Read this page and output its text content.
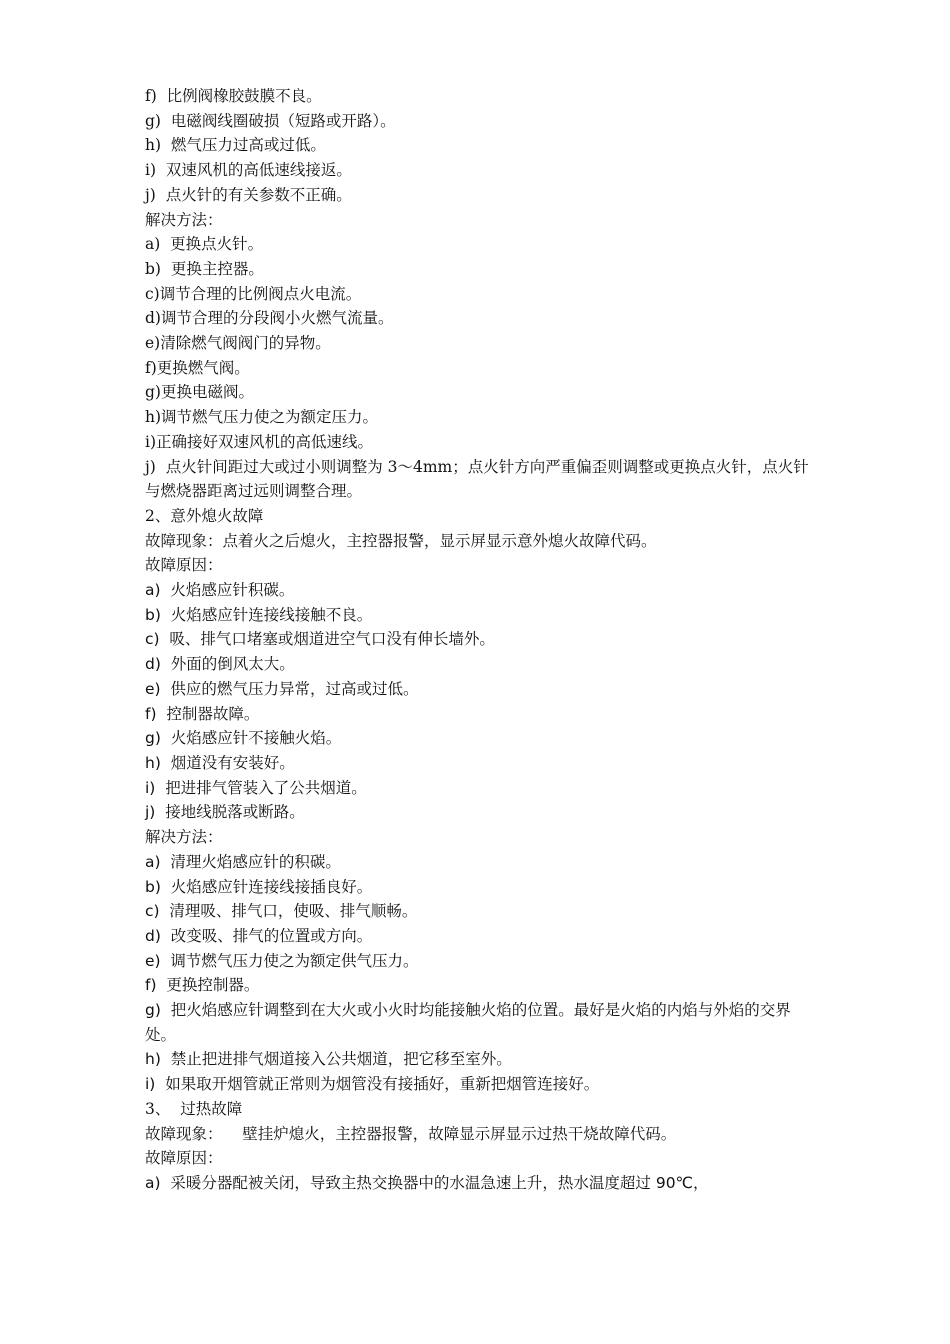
f)  比例阀橡胶鼓膜不良。

g)  电磁阀线圈破损（短路或开路）。

h)  燃气压力过高或过低。

i)  双速风机的高低速线接返。

j)  点火针的有关参数不正确。

解决方法：

a)  更换点火针。

b)  更换主控器。

c)调节合理的比例阀点火电流。

d)调节合理的分段阀小火燃气流量。

e)清除燃气阀阀门的异物。

f)更换燃气阀。

g)更换电磁阀。

h)调节燃气压力使之为额定压力。

i)正确接好双速风机的高低速线。

j)  点火针间距过大或过小则调整为 3～4mm；点火针方向严重偏歪则调整或更换点火针，点火针与燃烧器距离过远则调整合理。

2、意外熄火故障

故障现象：点着火之后熄火，主控器报警，显示屏显示意外熄火故障代码。

故障原因：

a)  火焰感应针积碳。

b)  火焰感应针连接线接触不良。

c)  吸、排气口堵塞或烟道进空气口没有伸长墙外。

d)  外面的倒风太大。

e)  供应的燃气压力异常，过高或过低。

f)  控制器故障。

g)  火焰感应针不接触火焰。

h)  烟道没有安装好。

i)  把进排气管装入了公共烟道。

j)  接地线脱落或断路。

解决方法：

a)  清理火焰感应针的积碳。

b)  火焰感应针连接线接插良好。

c)  清理吸、排气口，使吸、排气顺畅。

d)  改变吸、排气的位置或方向。

e)  调节燃气压力使之为额定供气压力。

f)  更换控制器。

g)  把火焰感应针调整到在大火或小火时均能接触火焰的位置。最好是火焰的内焰与外焰的交界处。

h)  禁止把进排气烟道接入公共烟道，把它移至室外。

i)  如果取开烟管就正常则为烟管没有接插好，重新把烟管连接好。

3、  过热故障

故障现象：    壁挂炉熄火，主控器报警，故障显示屏显示过热干烧故障代码。

故障原因：

a)  采暖分器配被关闭，导致主热交换器中的水温急速上升，热水温度超过 90℃，
